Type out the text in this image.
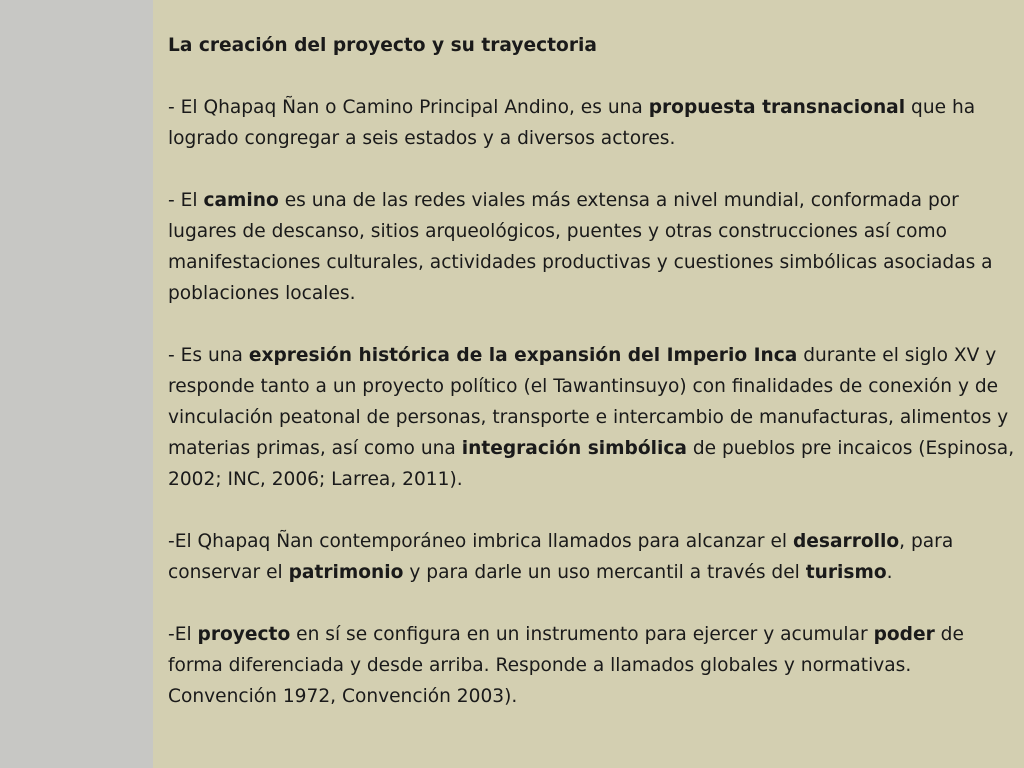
La creación del proyecto y su trayectoria

- El Qhapaq Ñan o Camino Principal Andino, es una propuesta transnacional que ha logrado congregar a seis estados y a diversos actores.

- El camino es una de las redes viales más extensa a nivel mundial, conformada por lugares de descanso, sitios arqueológicos, puentes y otras construcciones así como manifestaciones culturales, actividades productivas y cuestiones simbólicas asociadas a poblaciones locales.

- Es una expresión histórica de la expansión del Imperio Inca durante el siglo XV y responde tanto a un proyecto político (el Tawantinsuyo) con finalidades de conexión y de vinculación peatonal de personas, transporte e intercambio de manufacturas, alimentos y materias primas, así como una integración simbólica de pueblos pre incaicos (Espinosa, 2002; INC, 2006; Larrea, 2011).

-El Qhapaq Ñan contemporáneo imbrica llamados para alcanzar el desarrollo, para conservar el patrimonio y para darle un uso mercantil a través del turismo.

-El proyecto en sí se configura en un instrumento para ejercer y acumular poder de forma diferenciada y desde arriba. Responde a llamados globales y normativas. Convención 1972, Convención 2003).
